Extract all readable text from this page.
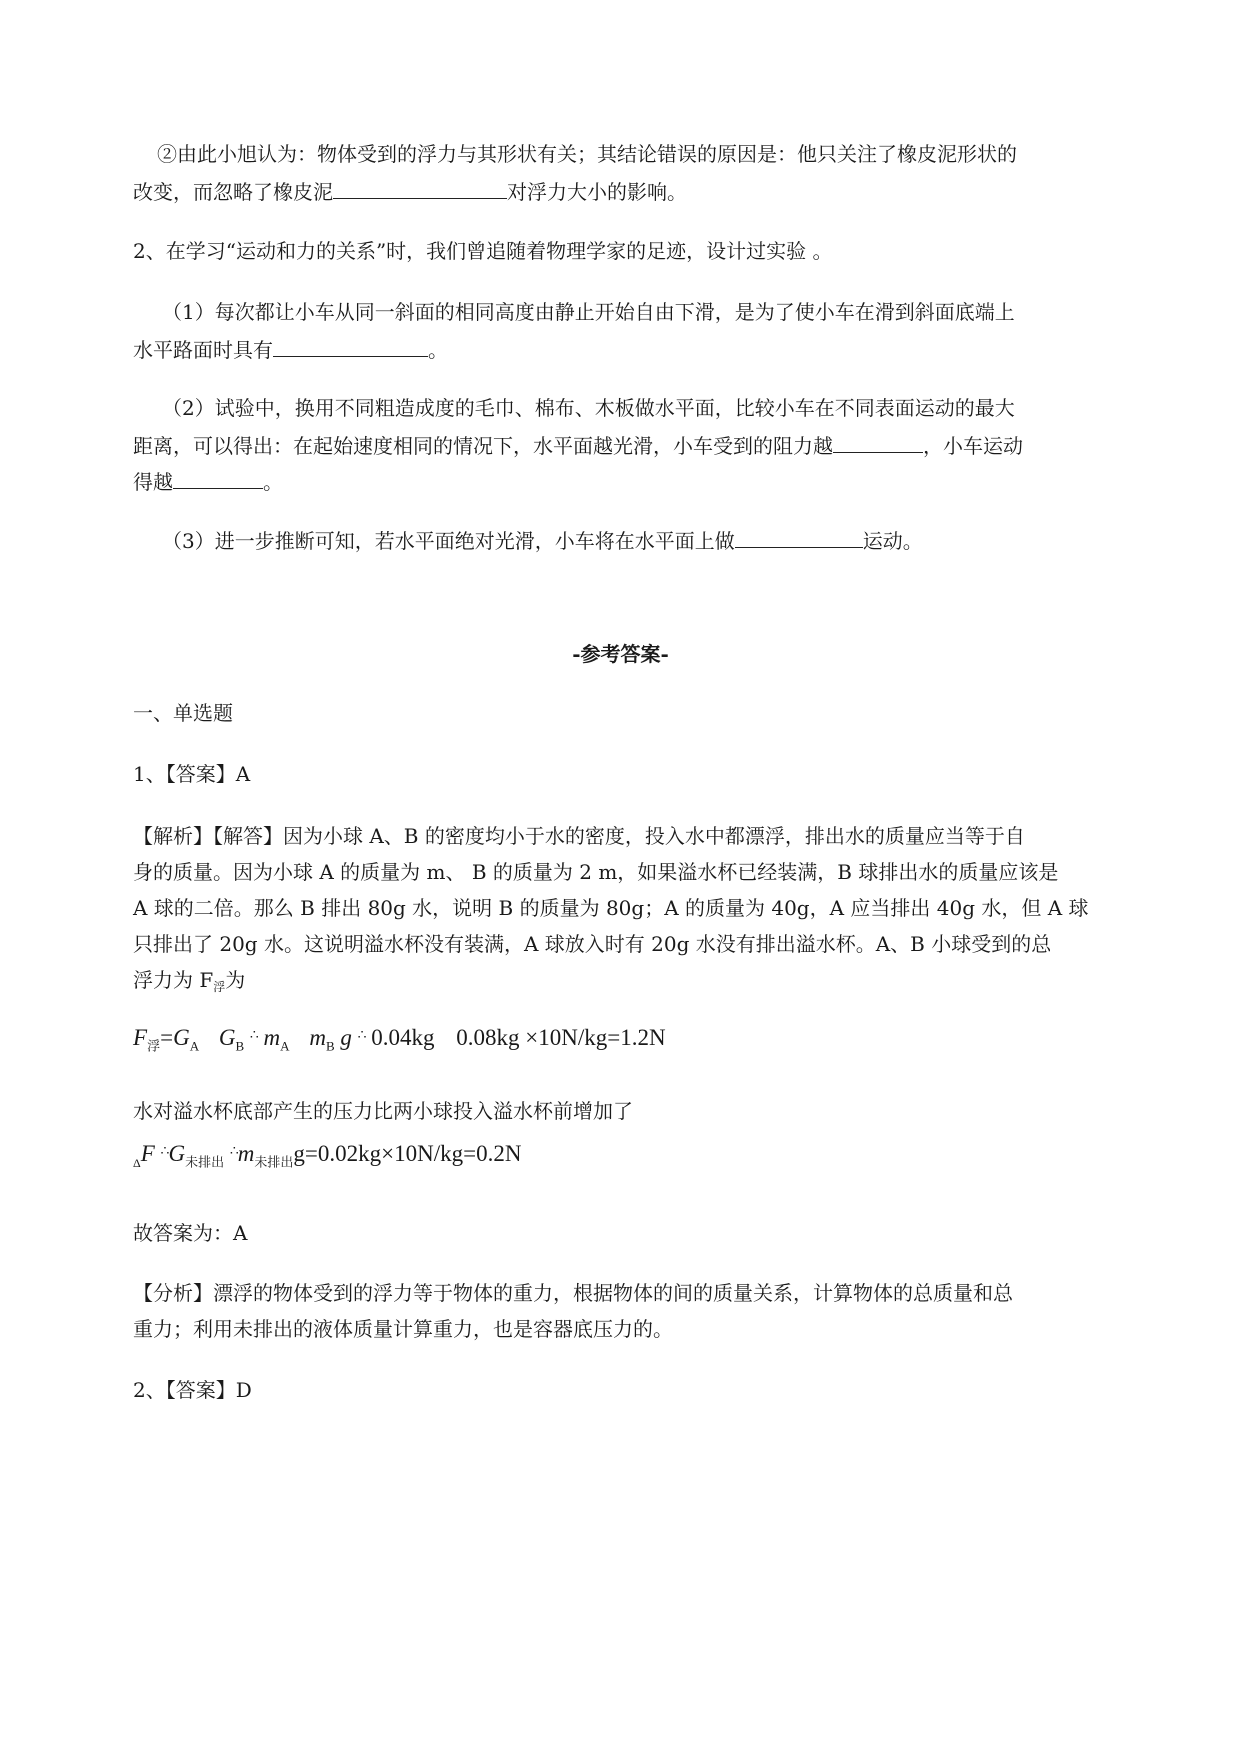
②由此小旭认为：物体受到的浮力与其形状有关；其结论错误的原因是：他只关注了橡皮泥形状的
改变，而忽略了橡皮泥	对浮力大小的影响。
2、在学习“运动和力的关系”时，我们曾追随着物理学家的足迹，设计过实验 。
（1）每次都让小车从同一斜面的相同高度由静止开始自由下滑，是为了使小车在滑到斜面底端上
水平路面时具有	。
（2）试验中，换用不同粗造成度的毛巾、棉布、木板做水平面，比较小车在不同表面运动的最大
距离，可以得出：在起始速度相同的情况下，水平面越光滑，小车受到的阻力越	，小车运动
得越	。
（3）进一步推断可知，若水平面绝对光滑，小车将在水平面上做	运动。
-参考答案-
一、单选题
1、【答案】A
【解析】【解答】因为小球 A、B 的密度均小于水的密度，投入水中都漂浮，排出水的质量应当等于自
身的质量。因为小球 A 的质量为 m、 B 的质量为 2 m，如果溢水杯已经装满，B 球排出水的质量应该是
A 球的二倍。那么 B 排出 80g 水，说明 B 的质量为 80g；A 的质量为 40g，A 应当排出 40g 水，但 A 球
只排出了 20g 水。这说明溢水杯没有装满，A 球放入时有 20g 水没有排出溢水杯。A、B 小球受到的总
浮力为 $F_浮$为
$F_浮=G_A$ $G_B$ ∴ $m_A$ $m_B$ g ∴ 0.04kg 0.08kg ×10N/kg=1.2N
水对溢水杯底部产生的压力比两小球投入溢水杯前增加了
$_\Delta$F $^\therefore G_{未排出}$ $^\therefore m_{未排出}g=0.02kg\times 10N/kg=0.2N$
故答案为：A
【分析】漂浮的物体受到的浮力等于物体的重力，根据物体的间的质量关系，计算物体的总质量和总
重力；利用未排出的液体质量计算重力，也是容器底压力的。
2、【答案】D
